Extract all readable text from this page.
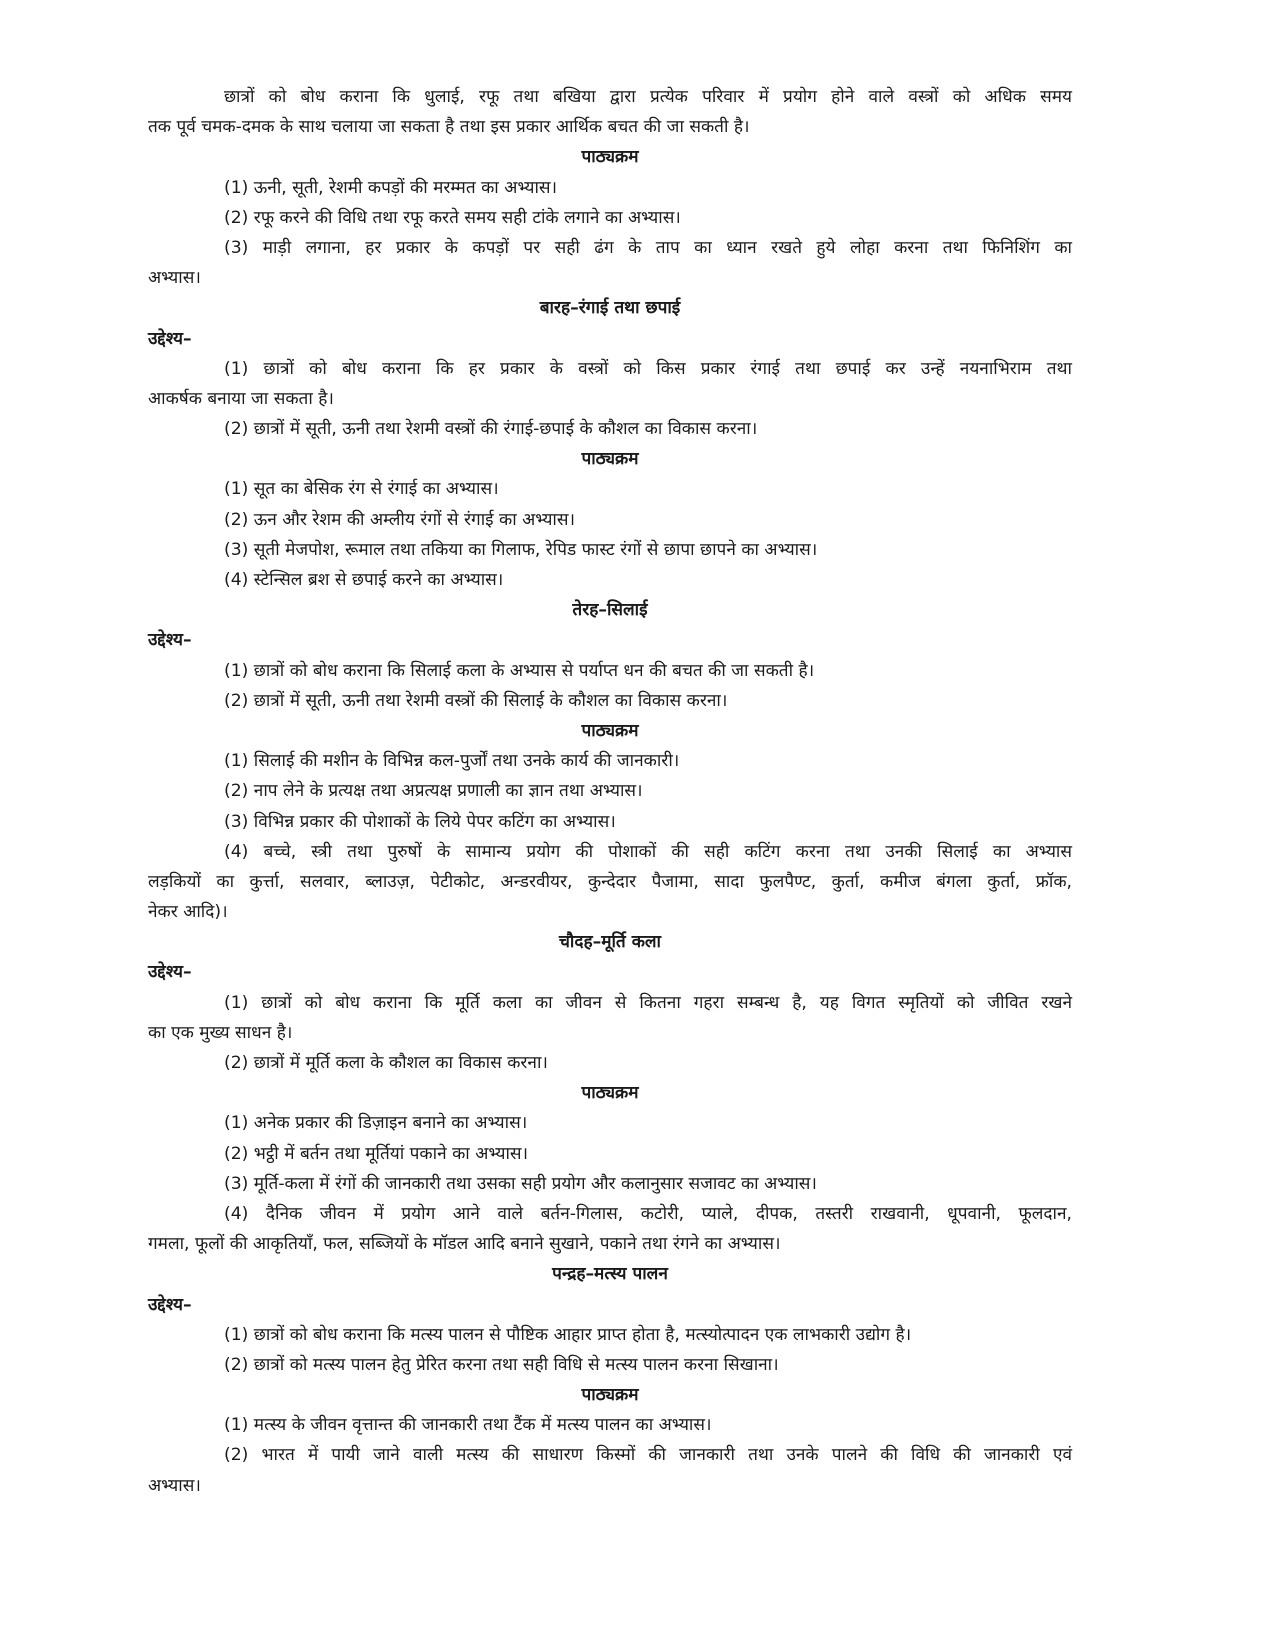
छात्रों को बोध कराना कि धुलाई, रफू तथा बखिया द्वारा प्रत्येक परिवार में प्रयोग होने वाले वस्त्रों को अधिक समय
तक पूर्व चमक-दमक के साथ चलाया जा सकता है तथा इस प्रकार आर्थिक बचत की जा सकती है।
पाठ्यक्रम
(1) ऊनी, सूती, रेशमी कपड़ों की मरम्मत का अभ्यास।
(2) रफू करने की विधि तथा रफू करते समय सही टांके लगाने का अभ्यास।
(3) माड़ी लगाना, हर प्रकार के कपड़ों पर सही ढंग के ताप का ध्यान रखते हुये लोहा करना तथा फिनिशिंग का
अभ्यास।
बारह–रंगाई तथा छपाई
उद्देश्य–
(1) छात्रों को बोध कराना कि हर प्रकार के वस्त्रों को किस प्रकार रंगाई तथा छपाई कर उन्हें नयनाभिराम तथा
आकर्षक बनाया जा सकता है।
(2) छात्रों में सूती, ऊनी तथा रेशमी वस्त्रों की रंगाई-छपाई के कौशल का विकास करना।
पाठ्यक्रम
(1) सूत का बेसिक रंग से रंगाई का अभ्यास।
(2) ऊन और रेशम की अम्लीय रंगों से रंगाई का अभ्यास।
(3) सूती मेजपोश, रूमाल तथा तकिया का गिलाफ, रेपिड फास्ट रंगों से छापा छापने का अभ्यास।
(4) स्टेन्सिल ब्रश से छपाई करने का अभ्यास।
तेरह–सिलाई
उद्देश्य–
(1) छात्रों को बोध कराना कि सिलाई कला के अभ्यास से पर्याप्त धन की बचत की जा सकती है।
(2) छात्रों में सूती, ऊनी तथा रेशमी वस्त्रों की सिलाई के कौशल का विकास करना।
पाठ्यक्रम
(1) सिलाई की मशीन के विभिन्न कल-पुर्जों तथा उनके कार्य की जानकारी।
(2) नाप लेने के प्रत्यक्ष तथा अप्रत्यक्ष प्रणाली का ज्ञान तथा अभ्यास।
(3) विभिन्न प्रकार की पोशाकों के लिये पेपर कटिंग का अभ्यास।
(4) बच्चे, स्त्री तथा पुरुषों के सामान्य प्रयोग की पोशाकों की सही कटिंग करना तथा उनकी सिलाई का अभ्यास
लड़कियों का कुर्त्ता, सलवार, ब्लाउज़, पेटीकोट, अन्डरवीयर, कुन्देदार पैजामा, सादा फुलपैण्ट, कुर्ता, कमीज बंगला कुर्ता, फ्रॉक,
नेकर आदि)।
चौदह–मूर्ति कला
उद्देश्य–
(1) छात्रों को बोध कराना कि मूर्ति कला का जीवन से कितना गहरा सम्बन्ध है, यह विगत स्मृतियों को जीवित रखने
का एक मुख्य साधन है।
(2) छात्रों में मूर्ति कला के कौशल का विकास करना।
पाठ्यक्रम
(1) अनेक प्रकार की डिज़ाइन बनाने का अभ्यास।
(2) भट्ठी में बर्तन तथा मूर्तियां पकाने का अभ्यास।
(3) मूर्ति-कला में रंगों की जानकारी तथा उसका सही प्रयोग और कलानुसार सजावट का अभ्यास।
(4) दैनिक जीवन में प्रयोग आने वाले बर्तन-गिलास, कटोरी, प्याले, दीपक, तस्तरी राखवानी, धूपवानी, फूलदान,
गमला, फूलों की आकृतियाँ, फल, सब्जियों के मॉडल आदि बनाने सुखाने, पकाने तथा रंगने का अभ्यास।
पन्द्रह–मत्स्य पालन
उद्देश्य–
(1) छात्रों को बोध कराना कि मत्स्य पालन से पौष्टिक आहार प्राप्त होता है, मत्स्योत्पादन एक लाभकारी उद्योग है।
(2) छात्रों को मत्स्य पालन हेतु प्रेरित करना तथा सही विधि से मत्स्य पालन करना सिखाना।
पाठ्यक्रम
(1) मत्स्य के जीवन वृत्तान्त की जानकारी तथा टैंक में मत्स्य पालन का अभ्यास।
(2) भारत में पायी जाने वाली मत्स्य की साधारण किस्मों की जानकारी तथा उनके पालने की विधि की जानकारी एवं
अभ्यास।
